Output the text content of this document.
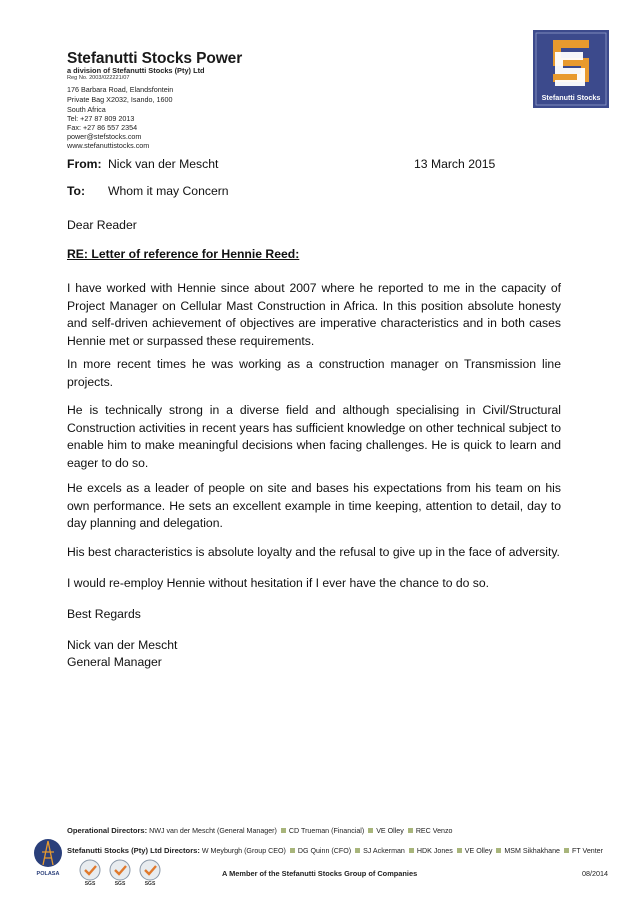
Stefanutti Stocks Power
a division of Stefanutti Stocks (Pty) Ltd
Reg No. 2003/022221/07
176 Barbara Road, Elandsfontein
Private Bag X2032, Isando, 1600
South Africa
Tel: +27 87 809 2013
Fax: +27 86 557 2354
power@stefstocks.com
www.stefanuttistocks.com
Stefanutti Stocks
From: Nick van der Mescht	13 March 2015
To: Whom it may Concern
Dear Reader
RE: Letter of reference for Hennie Reed:

I have worked with Hennie since about 2007 where he reported to me in the capacity of Project Manager on Cellular Mast Construction in Africa. In this position absolute honesty and self-driven achievement of objectives are imperative characteristics and in both cases Hennie met or surpassed these requirements.

In more recent times he was working as a construction manager on Transmission line projects.

He is technically strong in a diverse field and although specialising in Civil/Structural Construction activities in recent years has sufficient knowledge on other technical subject to enable him to make meaningful decisions when facing challenges. He is quick to learn and eager to do so.

He excels as a leader of people on site and bases his expectations from his team on his own performance. He sets an excellent example in time keeping, attention to detail, day to day planning and delegation.

His best characteristics is absolute loyalty and the refusal to give up in the face of adversity.
I would re-employ Hennie without hesitation if I ever have the chance to do so.
Best Regards
Nick van der Mescht
General Manager
Operational Directors: NWJ van der Mescht (General Manager) CD Trueman (Financial) VE Olley REC Venzo
Stefanutti Stocks (Pty) Ltd Directors: W Meyburgh (Group CEO) DG Quinn (CFO) SJ Ackerman HDK Jones VE Olley MSM Sikhakhane FT Venter
POLASA
SGS	SGS	SGS
A Member of the Stefanutti Stocks Group of Companies	08/2014
